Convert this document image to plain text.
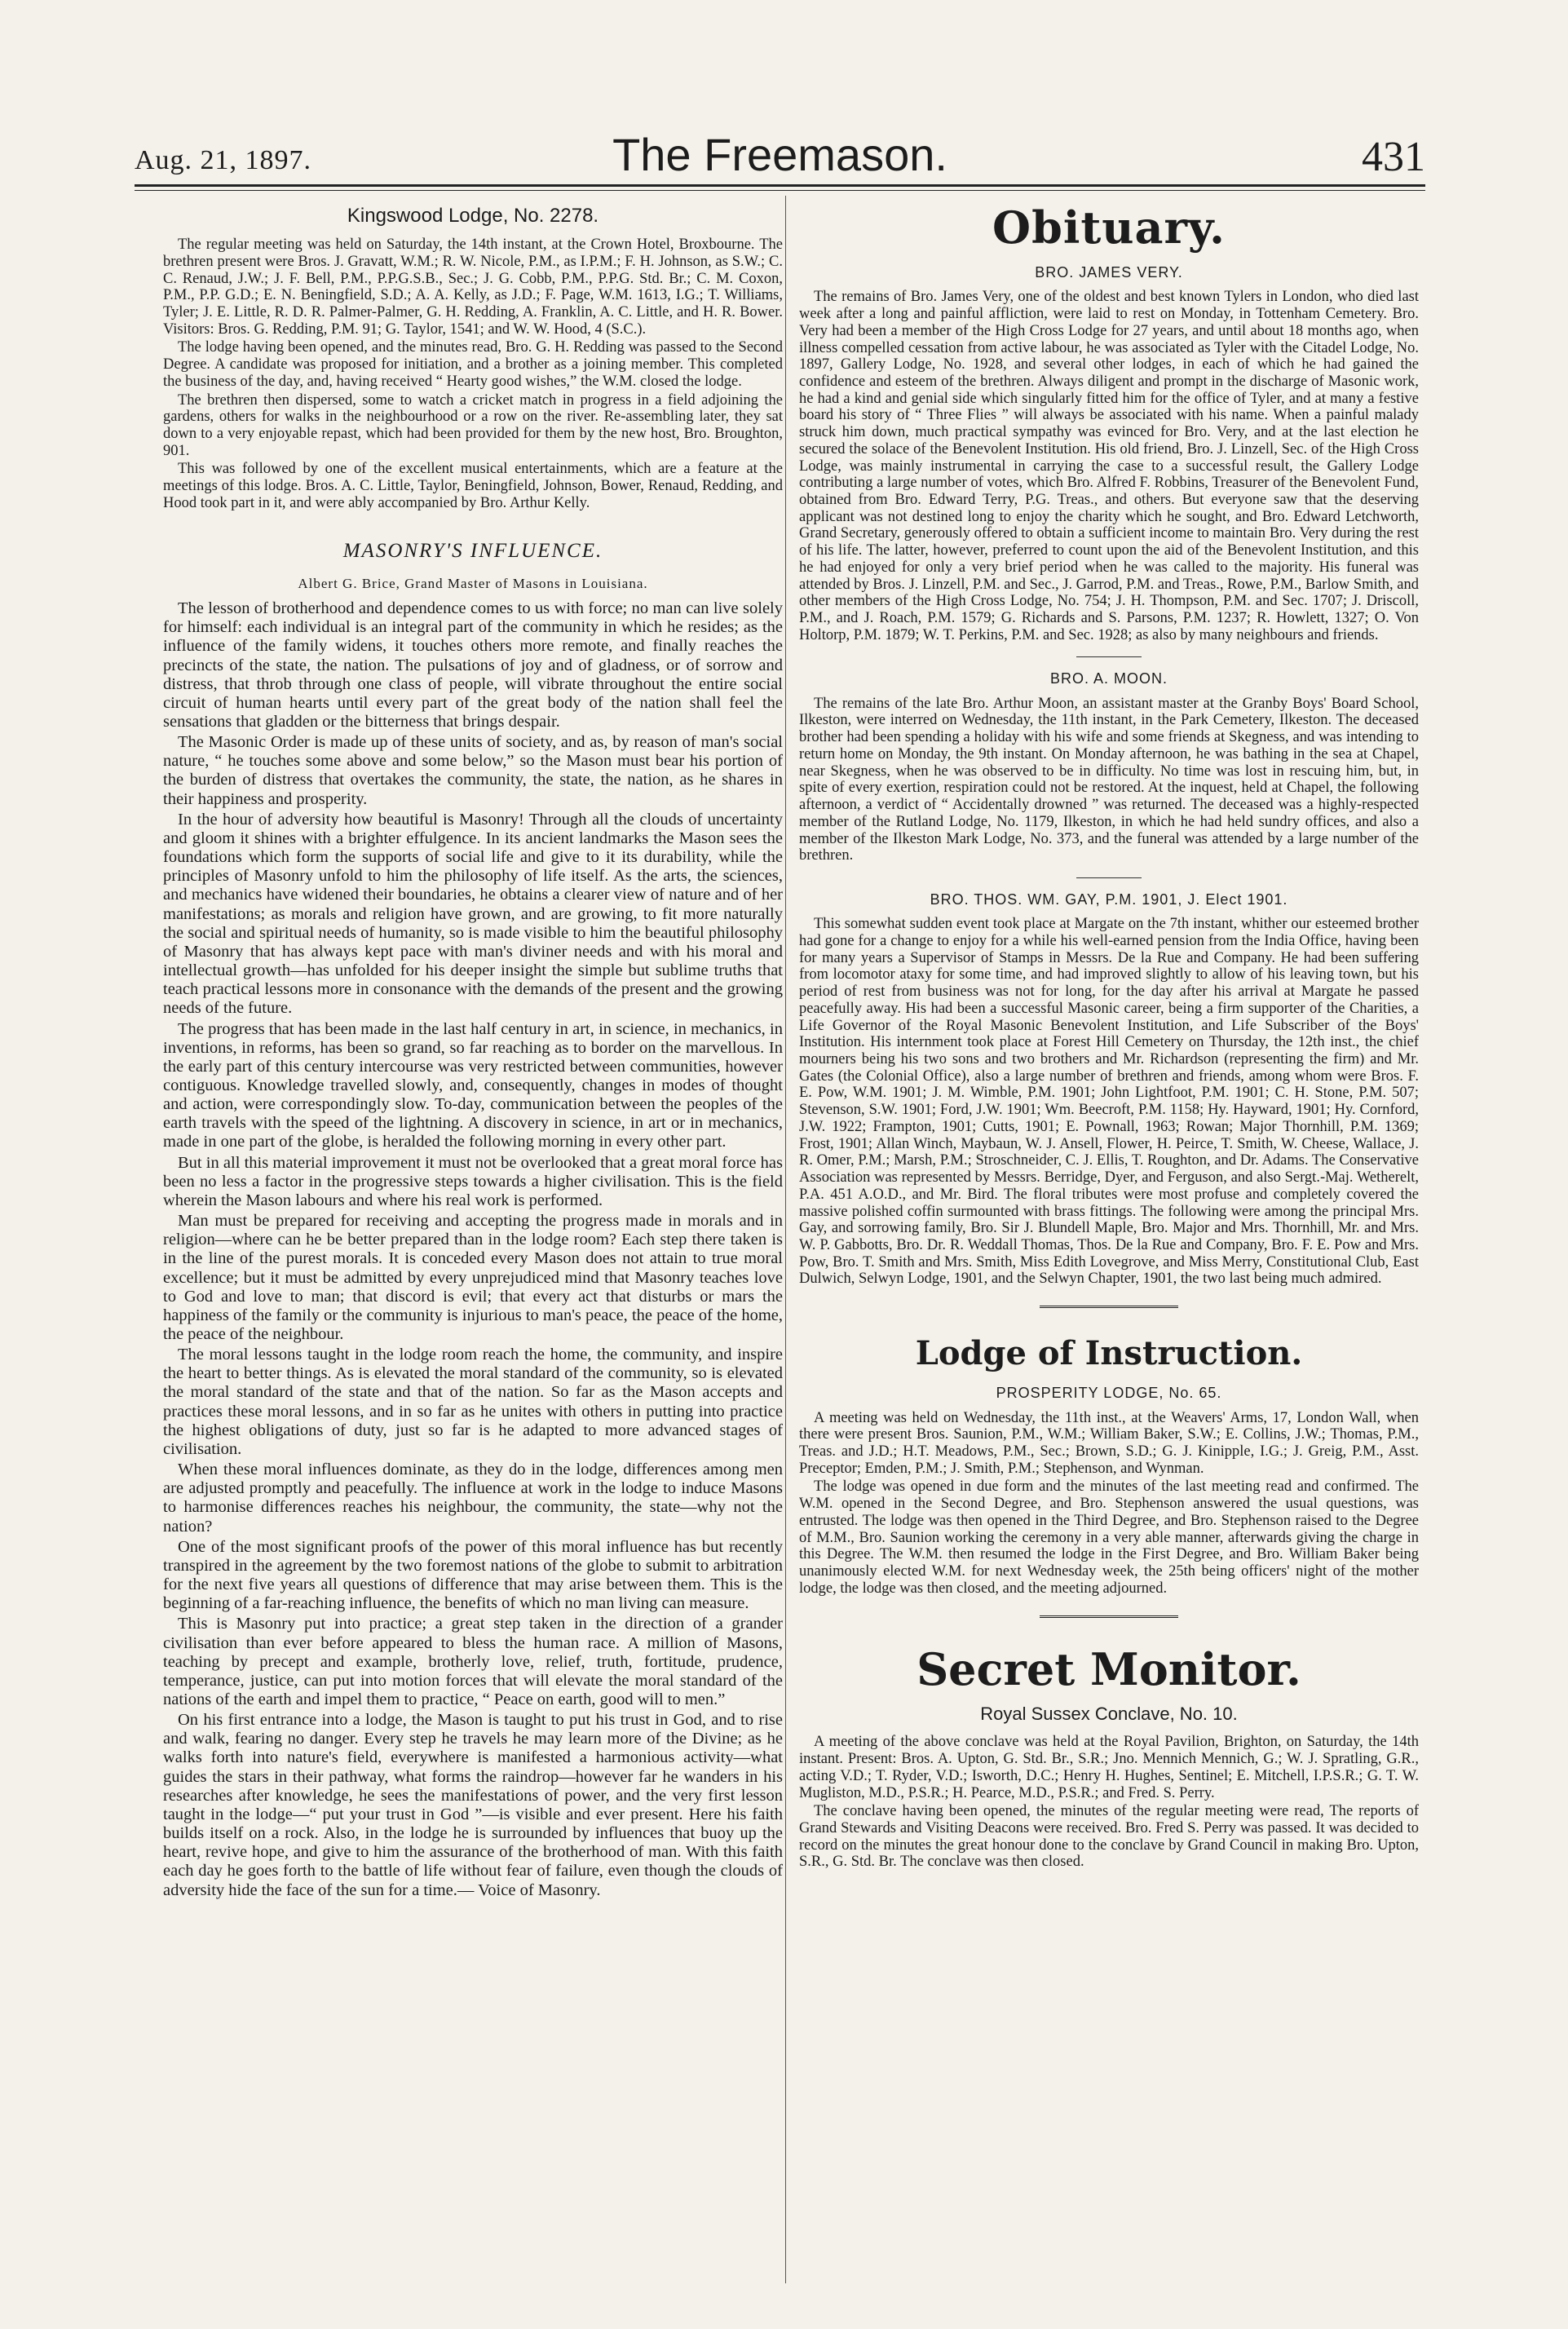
Aug. 21, 1897.	The Freemason.	431
Kingswood Lodge, No. 2278.

The regular meeting was held on Saturday, the 14th instant, at the Crown Hotel, Broxbourne. The brethren present were Bros. J. Gravatt, W.M.; R. W. Nicole, P.M., as I.P.M.; F. H. Johnson, as S.W.; C. C. Renaud, J.W.; J. F. Bell, P.M., P.P.G.S.B., Sec.; J. G. Cobb, P.M., P.P.G. Std. Br.; C. M. Coxon, P.M., P.P. G.D.; E. N. Beningfield, S.D.; A. A. Kelly, as J.D.; F. Page, W.M. 1613, I.G.; T. Williams, Tyler; J. E. Little, R. D. R. Palmer-Palmer, G. H. Redding, A. Franklin, A. C. Little, and H. R. Bower. Visitors: Bros. G. Redding, P.M. 91; G. Taylor, 1541; and W. W. Hood, 4 (S.C.).

The lodge having been opened, and the minutes read, Bro. G. H. Redding was passed to the Second Degree. A candidate was proposed for initiation, and a brother as a joining member. This completed the business of the day, and, having received “ Hearty good wishes,” the W.M. closed the lodge.

The brethren then dispersed, some to watch a cricket match in progress in a field adjoining the gardens, others for walks in the neighbourhood or a row on the river. Re-assembling later, they sat down to a very enjoyable repast, which had been provided for them by the new host, Bro. Broughton, 901.

This was followed by one of the excellent musical entertainments, which are a feature at the meetings of this lodge. Bros. A. C. Little, Taylor, Beningfield, Johnson, Bower, Renaud, Redding, and Hood took part in it, and were ably accompanied by Bro. Arthur Kelly.

MASONRY'S INFLUENCE.
Albert G. Brice, Grand Master of Masons in Louisiana.

The lesson of brotherhood and dependence comes to us with force; no man can live solely for himself: each individual is an integral part of the community in which he resides; as the influence of the family widens, it touches others more remote, and finally reaches the precincts of the state, the nation. The pulsations of joy and of gladness, or of sorrow and distress, that throb through one class of people, will vibrate throughout the entire social circuit of human hearts until every part of the great body of the nation shall feel the sensations that gladden or the bitterness that brings despair.

The Masonic Order is made up of these units of society, and as, by reason of man's social nature, “ he touches some above and some below,” so the Mason must bear his portion of the burden of distress that overtakes the community, the state, the nation, as he shares in their happiness and prosperity.

In the hour of adversity how beautiful is Masonry! Through all the clouds of uncertainty and gloom it shines with a brighter effulgence. In its ancient landmarks the Mason sees the foundations which form the supports of social life and give to it its durability, while the principles of Masonry unfold to him the philosophy of life itself. As the arts, the sciences, and mechanics have widened their boundaries, he obtains a clearer view of nature and of her manifestations; as morals and religion have grown, and are growing, to fit more naturally the social and spiritual needs of humanity, so is made visible to him the beautiful philosophy of Masonry that has always kept pace with man's diviner needs and with his moral and intellectual growth—has unfolded for his deeper insight the simple but sublime truths that teach practical lessons more in consonance with the demands of the present and the growing needs of the future.

The progress that has been made in the last half century in art, in science, in mechanics, in inventions, in reforms, has been so grand, so far reaching as to border on the marvellous. In the early part of this century intercourse was very restricted between communities, however contiguous. Knowledge travelled slowly, and, consequently, changes in modes of thought and action, were correspondingly slow. To-day, communication between the peoples of the earth travels with the speed of the lightning. A discovery in science, in art or in mechanics, made in one part of the globe, is heralded the following morning in every other part.

But in all this material improvement it must not be overlooked that a great moral force has been no less a factor in the progressive steps towards a higher civilisation. This is the field wherein the Mason labours and where his real work is performed.

Man must be prepared for receiving and accepting the progress made in morals and in religion—where can he be better prepared than in the lodge room? Each step there taken is in the line of the purest morals. It is conceded every Mason does not attain to true moral excellence; but it must be admitted by every unprejudiced mind that Masonry teaches love to God and love to man; that discord is evil; that every act that disturbs or mars the happiness of the family or the community is injurious to man's peace, the peace of the home, the peace of the neighbour.

The moral lessons taught in the lodge room reach the home, the community, and inspire the heart to better things. As is elevated the moral standard of the community, so is elevated the moral standard of the state and that of the nation. So far as the Mason accepts and practices these moral lessons, and in so far as he unites with others in putting into practice the highest obligations of duty, just so far is he adapted to more advanced stages of civilisation.

When these moral influences dominate, as they do in the lodge, differences among men are adjusted promptly and peacefully. The influence at work in the lodge to induce Masons to harmonise differences reaches his neighbour, the community, the state—why not the nation?

One of the most significant proofs of the power of this moral influence has but recently transpired in the agreement by the two foremost nations of the globe to submit to arbitration for the next five years all questions of difference that may arise between them. This is the beginning of a far-reaching influence, the benefits of which no man living can measure.

This is Masonry put into practice; a great step taken in the direction of a grander civilisation than ever before appeared to bless the human race. A million of Masons, teaching by precept and example, brotherly love, relief, truth, fortitude, prudence, temperance, justice, can put into motion forces that will elevate the moral standard of the nations of the earth and impel them to practice, “ Peace on earth, good will to men.”

On his first entrance into a lodge, the Mason is taught to put his trust in God, and to rise and walk, fearing no danger. Every step he travels he may learn more of the Divine; as he walks forth into nature's field, everywhere is manifested a harmonious activity—what guides the stars in their pathway, what forms the raindrop—however far he wanders in his researches after knowledge, he sees the manifestations of power, and the very first lesson taught in the lodge—“ put your trust in God ”—is visible and ever present. Here his faith builds itself on a rock. Also, in the lodge he is surrounded by influences that buoy up the heart, revive hope, and give to him the assurance of the brotherhood of man. With this faith each day he goes forth to the battle of life without fear of failure, even though the clouds of adversity hide the face of the sun for a time.— Voice of Masonry.

Obituary.
BRO. JAMES VERY.

The remains of Bro. James Very, one of the oldest and best known Tylers in London, who died last week after a long and painful affliction, were laid to rest on Monday, in Tottenham Cemetery. Bro. Very had been a member of the High Cross Lodge for 27 years, and until about 18 months ago, when illness compelled cessation from active labour, he was associated as Tyler with the Citadel Lodge, No. 1897, Gallery Lodge, No. 1928, and several other lodges, in each of which he had gained the confidence and esteem of the brethren. Always diligent and prompt in the discharge of Masonic work, he had a kind and genial side which singularly fitted him for the office of Tyler, and at many a festive board his story of “ Three Flies ” will always be associated with his name. When a painful malady struck him down, much practical sympathy was evinced for Bro. Very, and at the last election he secured the solace of the Benevolent Institution. His old friend, Bro. J. Linzell, Sec. of the High Cross Lodge, was mainly instrumental in carrying the case to a successful result, the Gallery Lodge contributing a large number of votes, which Bro. Alfred F. Robbins, Treasurer of the Benevolent Fund, obtained from Bro. Edward Terry, P.G. Treas., and others. But everyone saw that the deserving applicant was not destined long to enjoy the charity which he sought, and Bro. Edward Letchworth, Grand Secretary, generously offered to obtain a sufficient income to maintain Bro. Very during the rest of his life. The latter, however, preferred to count upon the aid of the Benevolent Institution, and this he had enjoyed for only a very brief period when he was called to the majority. His funeral was attended by Bros. J. Linzell, P.M. and Sec., J. Garrod, P.M. and Treas., Rowe, P.M., Barlow Smith, and other members of the High Cross Lodge, No. 754; J. H. Thompson, P.M. and Sec. 1707; J. Driscoll, P.M., and J. Roach, P.M. 1579; G. Richards and S. Parsons, P.M. 1237; R. Howlett, 1327; O. Von Holtorp, P.M. 1879; W. T. Perkins, P.M. and Sec. 1928; as also by many neighbours and friends.

BRO. A. MOON.

The remains of the late Bro. Arthur Moon, an assistant master at the Granby Boys' Board School, Ilkeston, were interred on Wednesday, the 11th instant, in the Park Cemetery, Ilkeston. The deceased brother had been spending a holiday with his wife and some friends at Skegness, and was intending to return home on Monday, the 9th instant. On Monday afternoon, he was bathing in the sea at Chapel, near Skegness, when he was observed to be in difficulty. No time was lost in rescuing him, but, in spite of every exertion, respiration could not be restored. At the inquest, held at Chapel, the following afternoon, a verdict of “ Accidentally drowned ” was returned. The deceased was a highly-respected member of the Rutland Lodge, No. 1179, Ilkeston, in which he had held sundry offices, and also a member of the Ilkeston Mark Lodge, No. 373, and the funeral was attended by a large number of the brethren.

BRO. THOS. WM. GAY, P.M. 1901, J. Elect 1901.

This somewhat sudden event took place at Margate on the 7th instant, whither our esteemed brother had gone for a change to enjoy for a while his well-earned pension from the India Office, having been for many years a Supervisor of Stamps in Messrs. De la Rue and Company. He had been suffering from locomotor ataxy for some time, and had improved slightly to allow of his leaving town, but his period of rest from business was not for long, for the day after his arrival at Margate he passed peacefully away. His had been a successful Masonic career, being a firm supporter of the Charities, a Life Governor of the Royal Masonic Benevolent Institution, and Life Subscriber of the Boys' Institution. His internment took place at Forest Hill Cemetery on Thursday, the 12th inst., the chief mourners being his two sons and two brothers and Mr. Richardson (representing the firm) and Mr. Gates (the Colonial Office), also a large number of brethren and friends, among whom were Bros. F. E. Pow, W.M. 1901; J. M. Wimble, P.M. 1901; John Lightfoot, P.M. 1901; C. H. Stone, P.M. 507; Stevenson, S.W. 1901; Ford, J.W. 1901; Wm. Beecroft, P.M. 1158; Hy. Hayward, 1901; Hy. Cornford, J.W. 1922; Frampton, 1901; Cutts, 1901; E. Pownall, 1963; Rowan; Major Thornhill, P.M. 1369; Frost, 1901; Allan Winch, Maybaun, W. J. Ansell, Flower, H. Peirce, T. Smith, W. Cheese, Wallace, J. R. Omer, P.M.; Marsh, P.M.; Stroschneider, C. J. Ellis, T. Roughton, and Dr. Adams. The Conservative Association was represented by Messrs. Berridge, Dyer, and Ferguson, and also Sergt.-Maj. Wetherelt, P.A. 451 A.O.D., and Mr. Bird. The floral tributes were most profuse and completely covered the massive polished coffin surmounted with brass fittings. The following were among the principal Mrs. Gay, and sorrowing family, Bro. Sir J. Blundell Maple, Bro. Major and Mrs. Thornhill, Mr. and Mrs. W. P. Gabbotts, Bro. Dr. R. Weddall Thomas, Thos. De la Rue and Company, Bro. F. E. Pow and Mrs. Pow, Bro. T. Smith and Mrs. Smith, Miss Edith Lovegrove, and Miss Merry, Constitutional Club, East Dulwich, Selwyn Lodge, 1901, and the Selwyn Chapter, 1901, the two last being much admired.

Lodge of Instruction.
PROSPERITY LODGE, No. 65.

A meeting was held on Wednesday, the 11th inst., at the Weavers' Arms, 17, London Wall, when there were present Bros. Saunion, P.M., W.M.; William Baker, S.W.; E. Collins, J.W.; Thomas, P.M., Treas. and J.D.; H.T. Meadows, P.M., Sec.; Brown, S.D.; G. J. Kinipple, I.G.; J. Greig, P.M., Asst. Preceptor; Emden, P.M.; J. Smith, P.M.; Stephenson, and Wynman.

The lodge was opened in due form and the minutes of the last meeting read and confirmed. The W.M. opened in the Second Degree, and Bro. Stephenson answered the usual questions, was entrusted. The lodge was then opened in the Third Degree, and Bro. Stephenson raised to the Degree of M.M., Bro. Saunion working the ceremony in a very able manner, afterwards giving the charge in this Degree. The W.M. then resumed the lodge in the First Degree, and Bro. William Baker being unanimously elected W.M. for next Wednesday week, the 25th being officers' night of the mother lodge, the lodge was then closed, and the meeting adjourned.

Secret Monitor.
Royal Sussex Conclave, No. 10.

A meeting of the above conclave was held at the Royal Pavilion, Brighton, on Saturday, the 14th instant. Present: Bros. A. Upton, G. Std. Br., S.R.; Jno. Mennich Mennich, G.; W. J. Spratling, G.R., acting V.D.; T. Ryder, V.D.; Isworth, D.C.; Henry H. Hughes, Sentinel; E. Mitchell, I.P.S.R.; G. T. W. Mugliston, M.D., P.S.R.; H. Pearce, M.D., P.S.R.; and Fred. S. Perry.

The conclave having been opened, the minutes of the regular meeting were read, The reports of Grand Stewards and Visiting Deacons were received. Bro. Fred S. Perry was passed. It was decided to record on the minutes the great honour done to the conclave by Grand Council in making Bro. Upton, S.R., G. Std. Br. The conclave was then closed.
